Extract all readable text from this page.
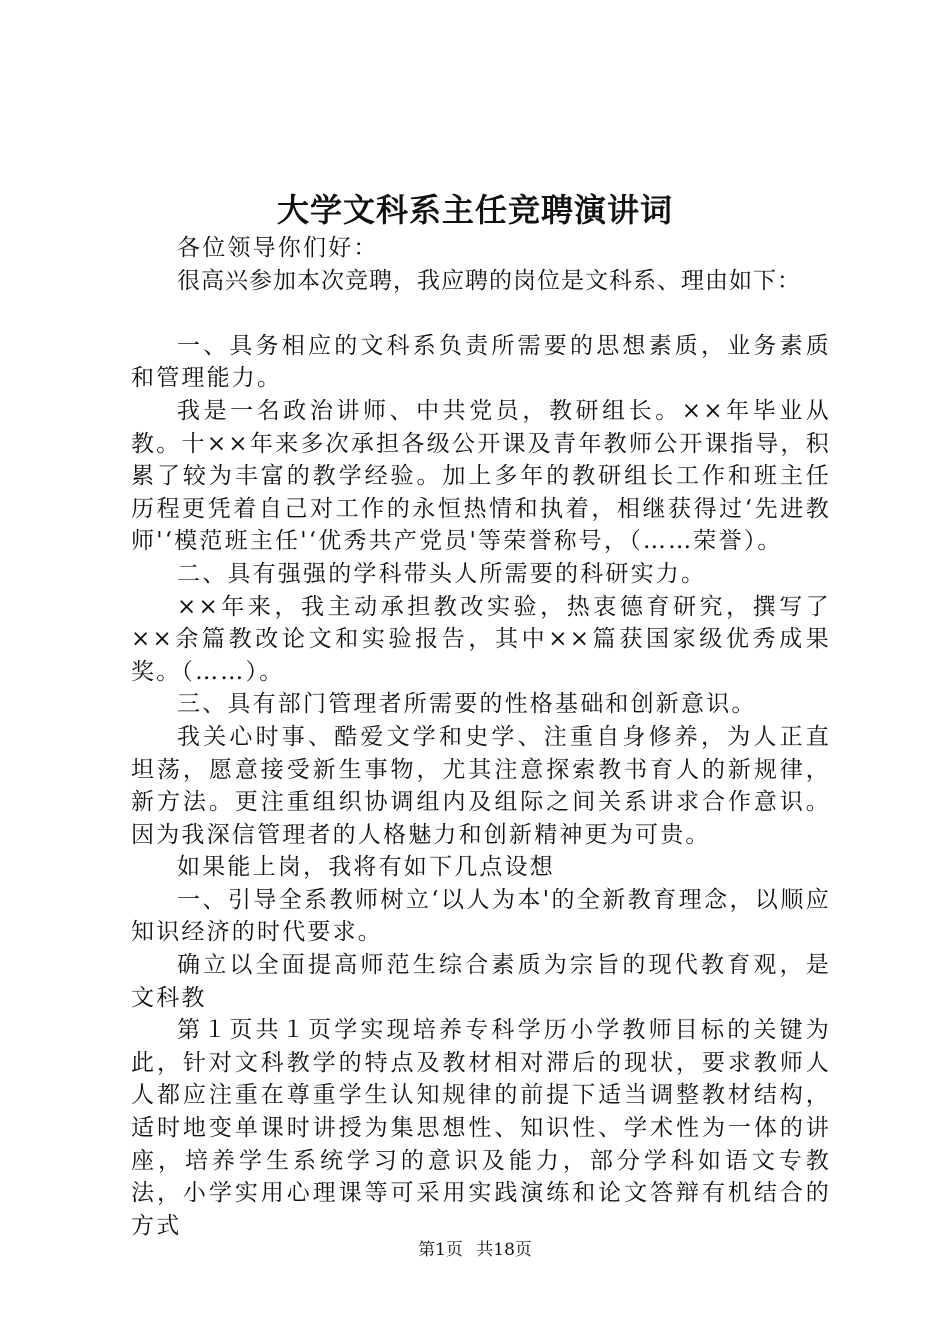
大学文科系主任竞聘演讲词

各位领导你们好：

很高兴参加本次竞聘，我应聘的岗位是文科系、理由如下：

一、具务相应的文科系负责所需要的思想素质，业务素质和管理能力。

我是一名政治讲师、中共党员，教研组长。××年毕业从教。十××年来多次承担各级公开课及青年教师公开课指导，积累了较为丰富的教学经验。加上多年的教研组长工作和班主任历程更凭着自己对工作的永恒热情和执着，相继获得过‘先进教师'‘模范班主任'‘优秀共产党员'等荣誉称号，（……荣誉）。

二、具有强强的学科带头人所需要的科研实力。

××年来，我主动承担教改实验，热衷德育研究，撰写了××余篇教改论文和实验报告，其中××篇获国家级优秀成果奖。（……）。

三、具有部门管理者所需要的性格基础和创新意识。

我关心时事、酷爱文学和史学、注重自身修养，为人正直坦荡，愿意接受新生事物，尤其注意探索教书育人的新规律，新方法。更注重组织协调组内及组际之间关系讲求合作意识。因为我深信管理者的人格魅力和创新精神更为可贵。

如果能上岗，我将有如下几点设想

一、引导全系教师树立‘以人为本'的全新教育理念，以顺应知识经济的时代要求。

确立以全面提高师范生综合素质为宗旨的现代教育观，是文科教

第１页共１页学实现培养专科学历小学教师目标的关键为此，针对文科教学的特点及教材相对滞后的现状，要求教师人人都应注重在尊重学生认知规律的前提下适当调整教材结构，适时地变单课时讲授为集思想性、知识性、学术性为一体的讲座，培养学生系统学习的意识及能力，部分学科如语文专教法，小学实用心理课等可采用实践演练和论文答辩有机结合的方式

第1页 共18页
